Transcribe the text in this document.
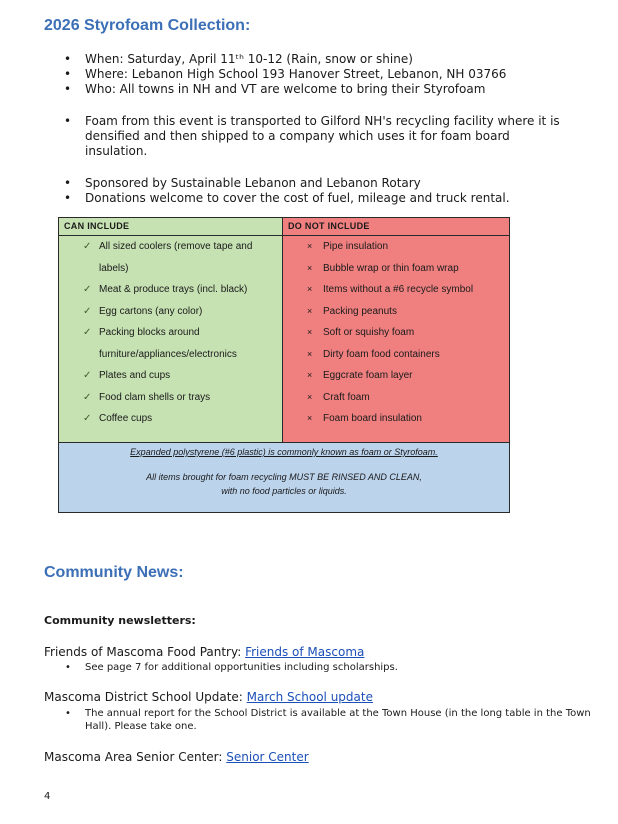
2026 Styrofoam Collection:
• When: Saturday, April 11ᵗʰ 10-12 (Rain, snow or shine)
• Where: Lebanon High School 193 Hanover Street, Lebanon, NH 03766
• Who: All towns in NH and VT are welcome to bring their Styrofoam
• Foam from this event is transported to Gilford NH's recycling facility where it is densified and then shipped to a company which uses it for foam board insulation.
• Sponsored by Sustainable Lebanon and Lebanon Rotary
• Donations welcome to cover the cost of fuel, mileage and truck rental.
CAN INCLUDE
✓ All sized coolers (remove tape and labels)
✓ Meat & produce trays (incl. black)
✓ Egg cartons (any color)
✓ Packing blocks around furniture/appliances/electronics
✓ Plates and cups
✓ Food clam shells or trays
✓ Coffee cups
DO NOT INCLUDE
× Pipe insulation
× Bubble wrap or thin foam wrap
× Items without a #6 recycle symbol
× Packing peanuts
× Soft or squishy foam
× Dirty foam food containers
× Eggcrate foam layer
× Craft foam
× Foam board insulation
Expanded polystyrene (#6 plastic) is commonly known as foam or Styrofoam.
All items brought for foam recycling MUST BE RINSED AND CLEAN,
with no food particles or liquids.
Community News:
Community newsletters:
Friends of Mascoma Food Pantry: Friends of Mascoma
• See page 7 for additional opportunities including scholarships.
Mascoma District School Update: March School update
• The annual report for the School District is available at the Town House (in the long table in the Town Hall). Please take one.
Mascoma Area Senior Center: Senior Center
4
